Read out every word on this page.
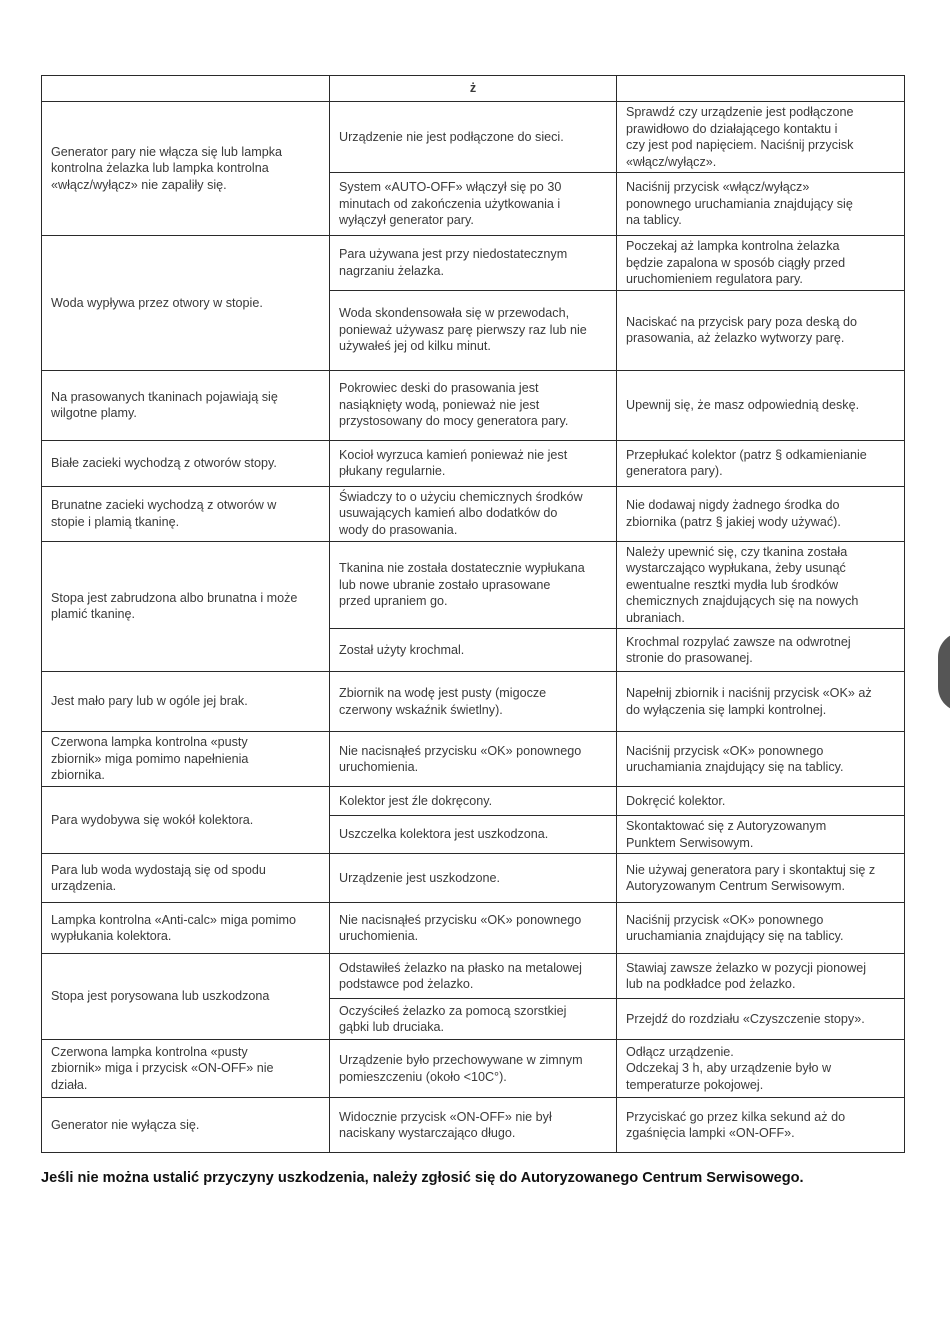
	ż	
Generator pary nie włącza się lub lampka
kontrolna żelazka lub lampka kontrolna
«włącz/wyłącz» nie zapaliły się.	Urządzenie nie jest podłączone do sieci.	Sprawdź czy urządzenie jest podłączone
prawidłowo do działającego kontaktu i
czy jest pod napięciem. Naciśnij przycisk
«włącz/wyłącz».
	System «AUTO-OFF» włączył się po 30
minutach od zakończenia użytkowania i
wyłączył generator pary.	Naciśnij przycisk «włącz/wyłącz»
ponownego uruchamiania znajdujący się
na tablicy.
Woda wypływa przez otwory w stopie.	Para używana jest przy niedostatecznym
nagrzaniu żelazka.	Poczekaj aż lampka kontrolna żelazka
będzie zapalona w sposób ciągły przed
uruchomieniem regulatora pary.
	Woda skondensowała się w przewodach,
ponieważ używasz parę pierwszy raz lub nie
używałeś jej od kilku minut.	Naciskać na przycisk pary poza deską do
prasowania, aż żelazko wytworzy parę.
Na prasowanych tkaninach pojawiają się
wilgotne plamy.	Pokrowiec deski do prasowania jest
nasiąknięty wodą, ponieważ nie jest
przystosowany do mocy generatora pary.	Upewnij się, że masz odpowiednią deskę.
Białe zacieki wychodzą z otworów stopy.	Kocioł wyrzuca kamień ponieważ nie jest
płukany regularnie.	Przepłukać kolektor (patrz § odkamienianie
generatora pary).
Brunatne zacieki wychodzą z otworów w
stopie i plamią tkaninę.	Świadczy to o użyciu chemicznych środków
usuwających kamień albo dodatków do
wody do prasowania.	Nie dodawaj nigdy żadnego środka do
zbiornika (patrz § jakiej wody używać).
Stopa jest zabrudzona albo brunatna i może
plamić tkaninę.	Tkanina nie została dostatecznie wypłukana
lub nowe ubranie zostało uprasowane
przed upraniem go.	Należy upewnić się, czy tkanina została
wystarczająco wypłukana, żeby usunąć
ewentualne resztki mydła lub środków
chemicznych znajdujących się na nowych
ubraniach.
	Został użyty krochmal.	Krochmal rozpylać zawsze na odwrotnej
stronie do prasowanej.
Jest mało pary lub w ogóle jej brak.	Zbiornik na wodę jest pusty (migocze
czerwony wskaźnik świetlny).	Napełnij zbiornik i naciśnij przycisk «OK» aż
do wyłączenia się lampki kontrolnej.
Czerwona lampka kontrolna «pusty
zbiornik» miga pomimo napełnienia
zbiornika.	Nie nacisnąłeś przycisku «OK» ponownego
uruchomienia.	Naciśnij przycisk «OK» ponownego
uruchamiania znajdujący się na tablicy.
Para wydobywa się wokół kolektora.	Kolektor jest źle dokręcony.	Dokręcić kolektor.
	Uszczelka kolektora jest uszkodzona.	Skontaktować się z Autoryzowanym
Punktem Serwisowym.
Para lub woda wydostają się od spodu
urządzenia.	Urządzenie jest uszkodzone.	Nie używaj generatora pary i skontaktuj się z
Autoryzowanym Centrum Serwisowym.
Lampka kontrolna «Anti-calc» miga pomimo
wypłukania kolektora.	Nie nacisnąłeś przycisku «OK» ponownego
uruchomienia.	Naciśnij przycisk «OK» ponownego
uruchamiania znajdujący się na tablicy.
Stopa jest porysowana lub uszkodzona	Odstawiłeś żelazko na płasko na metalowej
podstawce pod żelazko.	Stawiaj zawsze żelazko w pozycji pionowej
lub na podkładce pod żelazko.
	Oczyściłeś żelazko za pomocą szorstkiej
gąbki lub druciaka.	Przejdź do rozdziału «Czyszczenie stopy».
Czerwona lampka kontrolna «pusty
zbiornik» miga i przycisk «ON-OFF» nie
działa.	Urządzenie było przechowywane w zimnym
pomieszczeniu (około <10C°).	Odłącz urządzenie.
Odczekaj 3 h, aby urządzenie było w
temperaturze pokojowej.
Generator nie wyłącza się.	Widocznie przycisk «ON-OFF» nie był
naciskany wystarczająco długo.	Przyciskać go przez kilka sekund aż do
zgaśnięcia lampki «ON-OFF».
Jeśli nie można ustalić przyczyny uszkodzenia, należy zgłosić się do Autoryzowanego Centrum Serwisowego.
